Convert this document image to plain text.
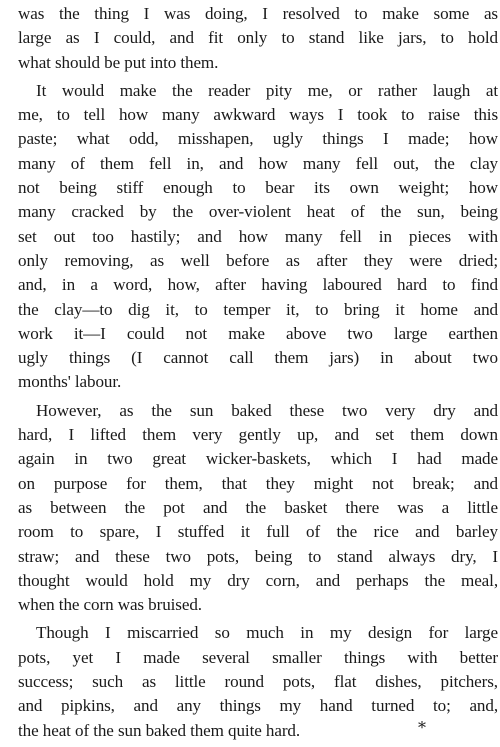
was the thing I was doing, I resolved to make some as
large as I could, and fit only to stand like jars, to hold
what should be put into them.
It would make the reader pity me, or rather laugh at
me, to tell how many awkward ways I took to raise this
paste; what odd, misshapen, ugly things I made; how
many of them fell in, and how many fell out, the clay
not being stiff enough to bear its own weight; how
many cracked by the over-violent heat of the sun, being
set out too hastily; and how many fell in pieces with
only removing, as well before as after they were dried;
and, in a word, how, after having laboured hard to find
the clay—to dig it, to temper it, to bring it home and
work it—I could not make above two large earthen
ugly things (I cannot call them jars) in about two
months' labour.
However, as the sun baked these two very dry and
hard, I lifted them very gently up, and set them down
again in two great wicker-baskets, which I had made
on purpose for them, that they might not break; and
as between the pot and the basket there was a little
room to spare, I stuffed it full of the rice and barley
straw; and these two pots, being to stand always dry, I
thought would hold my dry corn, and perhaps the meal,
when the corn was bruised.
Though I miscarried so much in my design for large
pots, yet I made several smaller things with better
success; such as little round pots, flat dishes, pitchers,
and pipkins, and any things my hand turned to; and,
the heat of the sun baked them quite hard.	*
